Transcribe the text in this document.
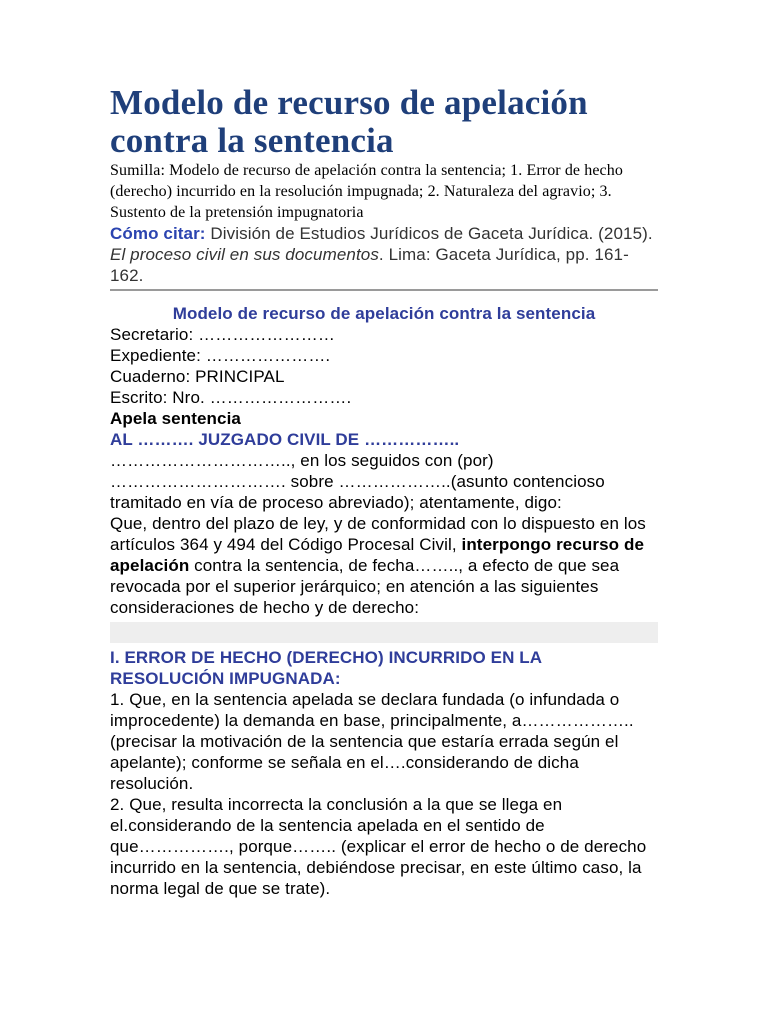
Modelo de recurso de apelación contra la sentencia

Sumilla: Modelo de recurso de apelación contra la sentencia; 1. Error de hecho (derecho) incurrido en la resolución impugnada; 2. Naturaleza del agravio; 3. Sustento de la pretensión impugnatoria

Cómo citar: División de Estudios Jurídicos de Gaceta Jurídica. (2015). El proceso civil en sus documentos. Lima: Gaceta Jurídica, pp. 161-162.

Modelo de recurso de apelación contra la sentencia

Secretario: ……………………

Expediente: ………………….

Cuaderno: PRINCIPAL

Escrito: Nro. …………………….

Apela sentencia

AL ………. JUZGADO CIVIL DE ……………..

………………………….., en los seguidos con (por) …………………………. sobre ………………..(asunto contencioso tramitado en vía de proceso abreviado); atentamente, digo:

Que, dentro del plazo de ley, y de conformidad con lo dispuesto en los artículos 364 y 494 del Código Procesal Civil, interpongo recurso de apelación contra la sentencia, de fecha…….., a efecto de que sea revocada por el superior jerárquico; en atención a las siguientes consideraciones de hecho y de derecho:

I. ERROR DE HECHO (DERECHO) INCURRIDO EN LA RESOLUCIÓN IMPUGNADA:

1. Que, en la sentencia apelada se declara fundada (o infundada o improcedente) la demanda en base, principalmente, a………………..(precisar la motivación de la sentencia que estaría errada según el apelante); conforme se señala en el….considerando de dicha resolución.

2. Que, resulta incorrecta la conclusión a la que se llega en el.considerando de la sentencia apelada en el sentido de que……………., porque…….. (explicar el error de hecho o de derecho incurrido en la sentencia, debiéndose precisar, en este último caso, la norma legal de que se trate).
